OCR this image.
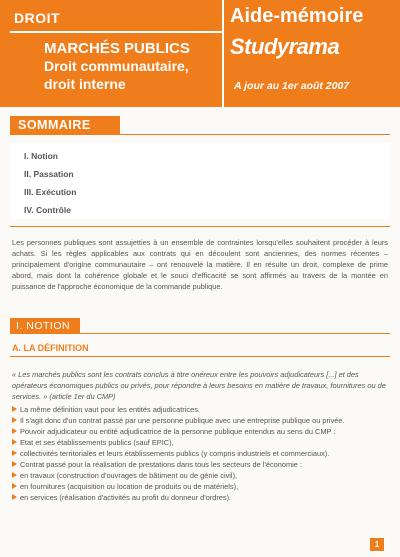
DROIT
MARCHÉS PUBLICS
Droit communautaire,
droit interne
Aide-mémoire
Studyrama
A jour au 1er août 2007
SOMMAIRE
I. Notion
II. Passation
III. Exécution
IV. Contrôle
Les personnes publiques sont assujetties à un ensemble de contraintes lorsqu'elles souhaitent procéder à leurs achats. Si les règles applicables aux contrats qui en découlent sont anciennes, des normes récentes – principalement d'origine communautaire – ont renouvelé la matière. Il en résulte un droit, complexe de prime abord, mais dont la cohérence globale et le souci d'efficacité se sont affirmés au travers de la montée en puissance de l'approche économique de la commande publique.
I. NOTION
A. LA DÉFINITION
« Les marchés publics sont les contrats conclus à titre onéreux entre les pouvoirs adjudicateurs [...] et des opérateurs économiques publics ou privés, pour répondre à leurs besoins en matière de travaux, fournitures ou de services. » (article 1er du CMP)
La même définition vaut pour les entités adjudicatrices.
Il s'agit donc d'un contrat passé par une personne publique avec une entreprise publique ou privée.
Pouvoir adjudicateur ou entité adjudicatrice de la personne publique entendus au sens du CMP :
Etat et ses établissements publics (sauf EPIC),
collectivités territoriales et leurs établissements publics (y compris industriels et commerciaux).
Contrat passé pour la réalisation de prestations dans tous les secteurs de l'économie :
en travaux (construction d'ouvrages de bâtiment ou de génie civil),
en fournitures (acquisition ou location de produits ou de matériels),
en services (réalisation d'activités au profit du donneur d'ordres).
1
